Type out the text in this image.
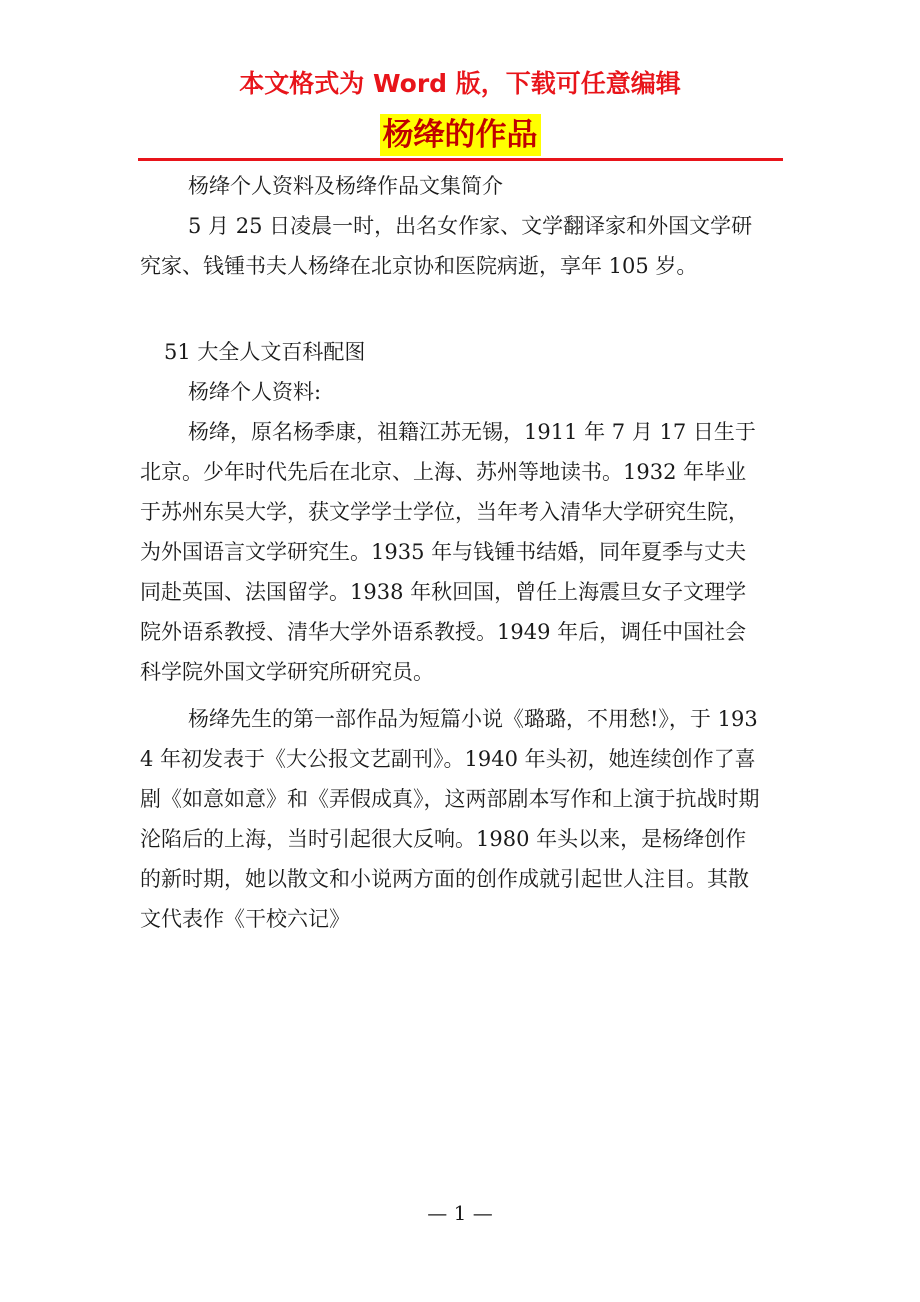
本文格式为 Word 版，下载可任意编辑
杨绛的作品

杨绛个人资料及杨绛作品文集简介

5 月 25 日凌晨一时，出名女作家、文学翻译家和外国文学研究家、钱锺书夫人杨绛在北京协和医院病逝，享年 105 岁。

51 大全人文百科配图

杨绛个人资料:

杨绛，原名杨季康，祖籍江苏无锡，1911 年 7 月 17 日生于北京。少年时代先后在北京、上海、苏州等地读书。1932 年毕业于苏州东吴大学，获文学学士学位，当年考入清华大学研究生院，为外国语言文学研究生。1935 年与钱锺书结婚，同年夏季与丈夫同赴英国、法国留学。1938 年秋回国，曾任上海震旦女子文理学院外语系教授、清华大学外语系教授。1949 年后，调任中国社会科学院外国文学研究所研究员。

杨绛先生的第一部作品为短篇小说《璐璐，不用愁!》，于 1934 年初发表于《大公报文艺副刊》。1940 年头初，她连续创作了喜剧《如意如意》和《弄假成真》，这两部剧本写作和上演于抗战时期沦陷后的上海，当时引起很大反响。1980 年头以来，是杨绛创作的新时期，她以散文和小说两方面的创作成就引起世人注目。其散文代表作《干校六记》

— 1 —
